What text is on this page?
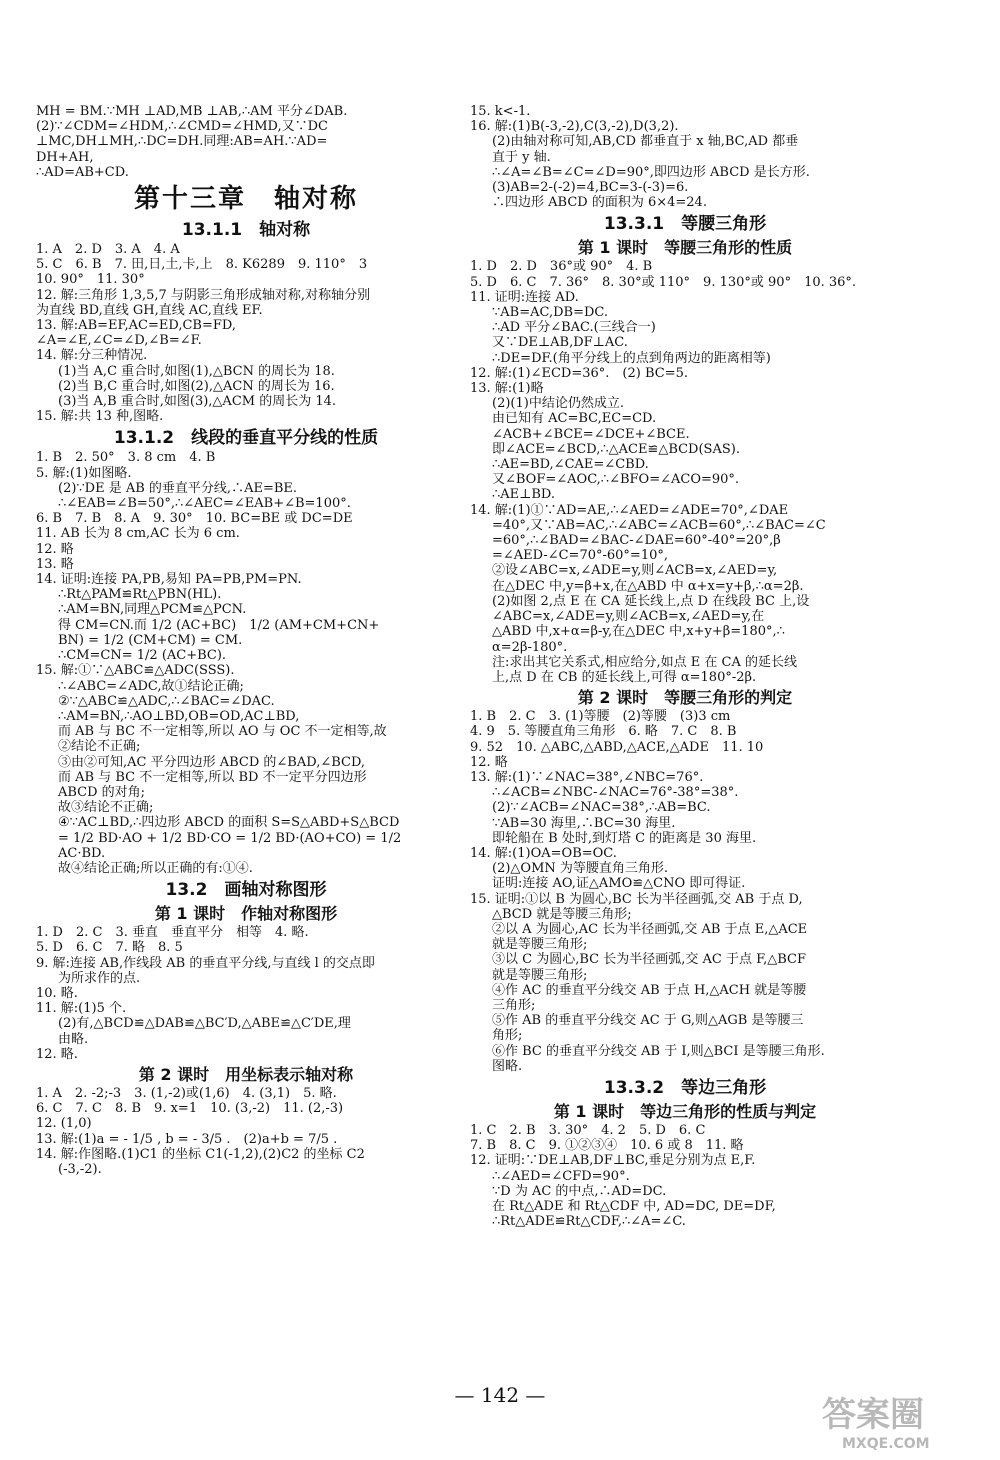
MH = BM.∵MH ⊥AD,MB ⊥AB,∴AM 平分∠DAB.
(2)∵∠CDM=∠HDM,∴∠CMD=∠HMD,又∵DC
⊥MC,DH⊥MH,∴DC=DH.同理:AB=AH.∵AD=
DH+AH,
∴AD=AB+CD.
第十三章　轴对称
13.1.1　轴对称
1. A　2. D　3. A　4. A
5. C　6. B　7. 田,日,土,卡,上　8. K6289　9. 110°　3
10. 90°　11. 30°
12. 解:三角形 1,3,5,7 与阴影三角形成轴对称,对称轴分别
为直线 BD,直线 GH,直线 AC,直线 EF.
13. 解:AB=EF,AC=ED,CB=FD,
∠A=∠E,∠C=∠D,∠B=∠F.
14. 解:分三种情况.
(1)当 A,C 重合时,如图(1),△BCN 的周长为 18.
(2)当 B,C 重合时,如图(2),△ACN 的周长为 16.
(3)当 A,B 重合时,如图(3),△ACM 的周长为 14.
15. 解:共 13 种,图略.
13.1.2　线段的垂直平分线的性质
1. B　2. 50°　3. 8 cm　4. B
5. 解:(1)如图略.
(2)∵DE 是 AB 的垂直平分线,∴AE=BE.
∴∠EAB=∠B=50°,∴∠AEC=∠EAB+∠B=100°.
6. B　7. B　8. A　9. 30°　10. BC=BE 或 DC=DE
11. AB 长为 8 cm,AC 长为 6 cm.
12. 略
13. 略
14. 证明:连接 PA,PB,易知 PA=PB,PM=PN.
∴Rt△PAM≌Rt△PBN(HL).
∴AM=BN,同理△PCM≌△PCN.
得 CM=CN.而 1/2 (AC+BC)　1/2 (AM+CM+CN+
BN) = 1/2 (CM+CM) = CM.
∴CM=CN= 1/2 (AC+BC).
15. 解:①∵△ABC≌△ADC(SSS).
∴∠ABC=∠ADC,故①结论正确;
②∵△ABC≌△ADC,∴∠BAC=∠DAC.
∴AM=BN,∴AO⊥BD,OB=OD,AC⊥BD,
而 AB 与 BC 不一定相等,所以 AO 与 OC 不一定相等,故
②结论不正确;
③由②可知,AC 平分四边形 ABCD 的∠BAD,∠BCD,
而 AB 与 BC 不一定相等,所以 BD 不一定平分四边形
ABCD 的对角;
故③结论不正确;
④∵AC⊥BD,∴四边形 ABCD 的面积 S=S△ABD+S△BCD
= 1/2 BD·AO + 1/2 BD·CO = 1/2 BD·(AO+CO) = 1/2
AC·BD.
故④结论正确;所以正确的有:①④.
13.2　画轴对称图形
第 1 课时　作轴对称图形
1. D　2. C　3. 垂直　垂直平分　相等　4. 略.
5. D　6. C　7. 略　8. 5
9. 解:连接 AB,作线段 AB 的垂直平分线,与直线 l 的交点即
为所求作的点.
10. 略.
11. 解:(1)5 个.
(2)有,△BCD≌△DAB≌△BC′D,△ABE≌△C′DE,理
由略.
12. 略.
第 2 课时　用坐标表示轴对称
1. A　2. -2;-3　3. (1,-2)或(1,6)　4. (3,1)　5. 略.
6. C　7. C　8. B　9. x=1　10. (3,-2)　11. (2,-3)
12. (1,0)
13. 解:(1)a = - 1/5 , b = - 3/5 .　(2)a+b = 7/5 .
14. 解:作图略.(1)C1 的坐标 C1(-1,2),(2)C2 的坐标 C2
(-3,-2).
15. k<-1.
16. 解:(1)B(-3,-2),C(3,-2),D(3,2).
(2)由轴对称可知,AB,CD 都垂直于 x 轴,BC,AD 都垂
直于 y 轴.
∴∠A=∠B=∠C=∠D=90°,即四边形 ABCD 是长方形.
(3)AB=2-(-2)=4,BC=3-(-3)=6.
∴四边形 ABCD 的面积为 6×4=24.
13.3.1　等腰三角形
第 1 课时　等腰三角形的性质
1. D　2. D　36°或 90°　4. B
5. D　6. C　7. 36°　8. 30°或 110°　9. 130°或 90°　10. 36°.
11. 证明:连接 AD.
∵AB=AC,DB=DC.
∴AD 平分∠BAC.(三线合一)
又∵DE⊥AB,DF⊥AC.
∴DE=DF.(角平分线上的点到角两边的距离相等)
12. 解:(1)∠ECD=36°.　(2) BC=5.
13. 解:(1)略
(2)(1)中结论仍然成立.
由已知有 AC=BC,EC=CD.
∠ACB+∠BCE=∠DCE+∠BCE.
即∠ACE=∠BCD,∴△ACE≌△BCD(SAS).
∴AE=BD,∠CAE=∠CBD.
又∠BOF=∠AOC,∴∠BFO=∠ACO=90°.
∴AE⊥BD.
14. 解:(1)①∵AD=AE,∴∠AED=∠ADE=70°,∠DAE
=40°,又∵AB=AC,∴∠ABC=∠ACB=60°,∴∠BAC=∠C
=60°,∴∠BAD=∠BAC-∠DAE=60°-40°=20°,β
=∠AED-∠C=70°-60°=10°,
②设∠ABC=x,∠ADE=y,则∠ACB=x,∠AED=y,
在△DEC 中,y=β+x,在△ABD 中 α+x=y+β,∴α=2β.
(2)如图 2,点 E 在 CA 延长线上,点 D 在线段 BC 上,设
∠ABC=x,∠ADE=y,则∠ACB=x,∠AED=y,在
△ABD 中,x+α=β-y,在△DEC 中,x+y+β=180°,∴
α=2β-180°.
注:求出其它关系式,相应给分,如点 E 在 CA 的延长线
上,点 D 在 CB 的延长线上,可得 α=180°-2β.
第 2 课时　等腰三角形的判定
1. B　2. C　3. (1)等腰　(2)等腰　(3)3 cm
4. 9　5. 等腰直角三角形　6. 略　7. C　8. B
9. 52　10. △ABC,△ABD,△ACE,△ADE　11. 10
12. 略
13. 解:(1)∵∠NAC=38°,∠NBC=76°.
∴∠ACB=∠NBC-∠NAC=76°-38°=38°.
(2)∵∠ACB=∠NAC=38°,∴AB=BC.
∵AB=30 海里,∴BC=30 海里.
即轮船在 B 处时,到灯塔 C 的距离是 30 海里.
14. 解:(1)OA=OB=OC.
(2)△OMN 为等腰直角三角形.
证明:连接 AO,证△AMO≌△CNO 即可得证.
15. 证明:①以 B 为圆心,BC 长为半径画弧,交 AB 于点 D,
△BCD 就是等腰三角形;
②以 A 为圆心,AC 长为半径画弧,交 AB 于点 E,△ACE
就是等腰三角形;
③以 C 为圆心,BC 长为半径画弧,交 AC 于点 F,△BCF
就是等腰三角形;
④作 AC 的垂直平分线交 AB 于点 H,△ACH 就是等腰
三角形;
⑤作 AB 的垂直平分线交 AC 于 G,则△AGB 是等腰三
角形;
⑥作 BC 的垂直平分线交 AB 于 I,则△BCI 是等腰三角形.
图略.
13.3.2　等边三角形
第 1 课时　等边三角形的性质与判定
1. C　2. B　3. 30°　4. 2　5. D　6. C
7. B　8. C　9. ①②③④　10. 6 或 8　11. 略
12. 证明:∵DE⊥AB,DF⊥BC,垂足分别为点 E,F.
∴∠AED=∠CFD=90°.
∵D 为 AC 的中点,∴AD=DC.
在 Rt△ADE 和 Rt△CDF 中, AD=DC, DE=DF,
∴Rt△ADE≌Rt△CDF,∴∠A=∠C.
— 142 —	答案圈
MXQE.COM
